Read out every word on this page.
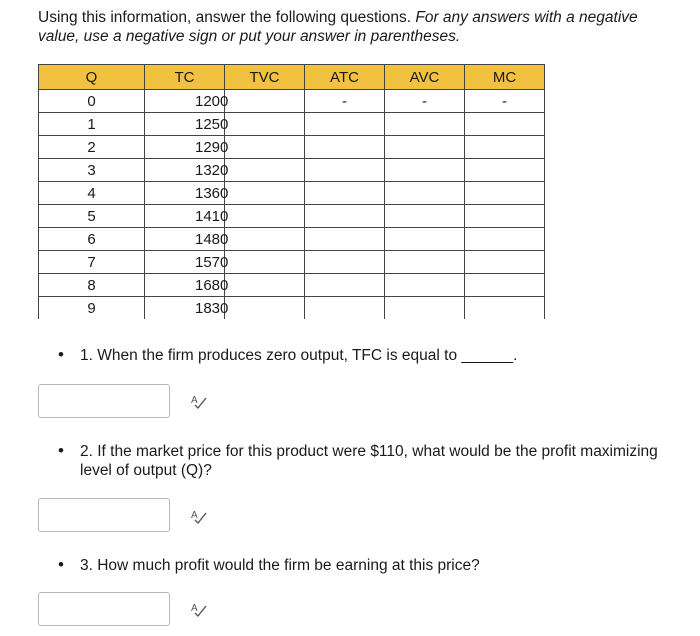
Using this information, answer the following questions. For any answers with a negative value, use a negative sign or put your answer in parentheses.
Q	TC	TVC	ATC	AVC	MC
0	1200		-	-	-
1	1250				
2	1290				
3	1320				
4	1360				
5	1410				
6	1480				
7	1570				
8	1680				
9	1830				
•	1. When the firm produces zero output, TFC is equal to ______.
A
•	2. If the market price for this product were $110, what would be the profit maximizing level of output (Q)?
A
•	3. How much profit would the firm be earning at this price?
A
